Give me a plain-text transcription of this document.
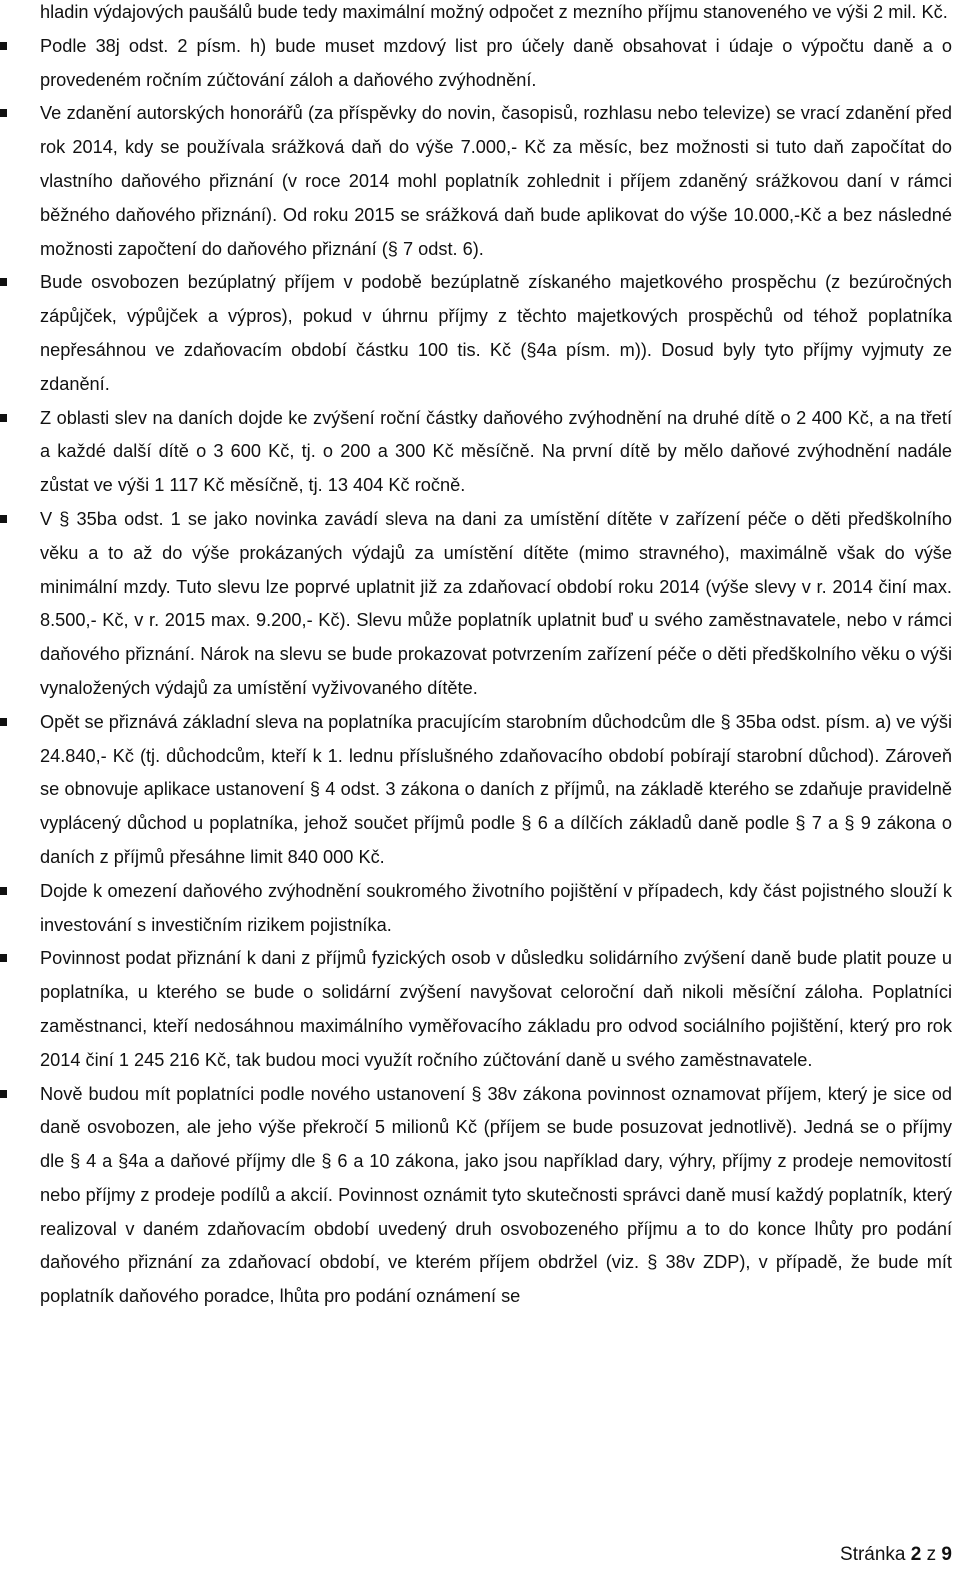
hladin výdajových paušálů bude tedy maximální možný odpočet z mezního příjmu stanoveného ve výši 2 mil. Kč.
Podle 38j odst. 2 písm. h) bude muset mzdový list pro účely daně obsahovat i údaje o výpočtu daně a o provedeném ročním zúčtování záloh a daňového zvýhodnění.
Ve zdanění autorských honorářů (za příspěvky do novin, časopisů, rozhlasu nebo televize) se vrací zdanění před rok 2014, kdy se používala srážková daň do výše 7.000,- Kč za měsíc, bez možnosti si tuto daň započítat do vlastního daňového přiznání (v roce 2014 mohl poplatník zohlednit i příjem zdaněný srážkovou daní v rámci běžného daňového přiznání). Od roku 2015 se srážková daň bude aplikovat do výše 10.000,-Kč a bez následné možnosti započtení do daňového přiznání (§ 7 odst. 6).
Bude osvobozen bezúplatný příjem v podobě bezúplatně získaného majetkového prospěchu (z bezúročných zápůjček, výpůjček a výpros), pokud v úhrnu příjmy z těchto majetkových prospěchů od téhož poplatníka nepřesáhnou ve zdaňovacím období částku 100 tis. Kč (§4a písm. m)). Dosud byly tyto příjmy vyjmuty ze zdanění.
Z oblasti slev na daních dojde ke zvýšení roční částky daňového zvýhodnění na druhé dítě o 2 400 Kč, a na třetí a každé další dítě o 3 600 Kč, tj. o 200 a 300 Kč měsíčně. Na první dítě by mělo daňové zvýhodnění nadále zůstat ve výši 1 117 Kč měsíčně, tj. 13 404 Kč ročně.
V § 35ba odst. 1 se jako novinka zavádí sleva na dani za umístění dítěte v zařízení péče o děti předškolního věku a to až do výše prokázaných výdajů za umístění dítěte (mimo stravného), maximálně však do výše minimální mzdy. Tuto slevu lze poprvé uplatnit již za zdaňovací období roku 2014 (výše slevy v r. 2014 činí max. 8.500,- Kč, v r. 2015 max. 9.200,- Kč). Slevu může poplatník uplatnit buď u svého zaměstnavatele, nebo v rámci daňového přiznání. Nárok na slevu se bude prokazovat potvrzením zařízení péče o děti předškolního věku o výši vynaložených výdajů za umístění vyživovaného dítěte.
Opět se přiznává základní sleva na poplatníka pracujícím starobním důchodcům dle § 35ba odst. písm. a) ve výši 24.840,- Kč (tj. důchodcům, kteří k 1. lednu příslušného zdaňovacího období pobírají starobní důchod). Zároveň se obnovuje aplikace ustanovení § 4 odst. 3 zákona o daních z příjmů, na základě kterého se zdaňuje pravidelně vyplácený důchod u poplatníka, jehož součet příjmů podle § 6 a dílčích základů daně podle § 7 a § 9 zákona o daních z příjmů přesáhne limit 840 000 Kč.
Dojde k omezení daňového zvýhodnění soukromého životního pojištění v případech, kdy část pojistného slouží k investování s investičním rizikem pojistníka.
Povinnost podat přiznání k dani z příjmů fyzických osob v důsledku solidárního zvýšení daně bude platit pouze u poplatníka, u kterého se bude o solidární zvýšení navyšovat celoroční daň nikoli měsíční záloha. Poplatníci zaměstnanci, kteří nedosáhnou maximálního vyměřovacího základu pro odvod sociálního pojištění, který pro rok 2014 činí 1 245 216 Kč, tak budou moci využít ročního zúčtování daně u svého zaměstnavatele.
Nově budou mít poplatníci podle nového ustanovení § 38v zákona povinnost oznamovat příjem, který je sice od daně osvobozen, ale jeho výše překročí 5 milionů Kč (příjem se bude posuzovat jednotlivě). Jedná se o příjmy dle § 4 a §4a a daňové příjmy dle § 6 a 10 zákona, jako jsou například dary, výhry, příjmy z prodeje nemovitostí nebo příjmy z prodeje podílů a akcií. Povinnost oznámit tyto skutečnosti správci daně musí každý poplatník, který realizoval v daném zdaňovacím období uvedený druh osvobozeného příjmu a to do konce lhůty pro podání daňového přiznání za zdaňovací období, ve kterém příjem obdržel (viz. § 38v ZDP), v případě, že bude mít poplatník daňového poradce, lhůta pro podání oznámení se
Stránka 2 z 9
